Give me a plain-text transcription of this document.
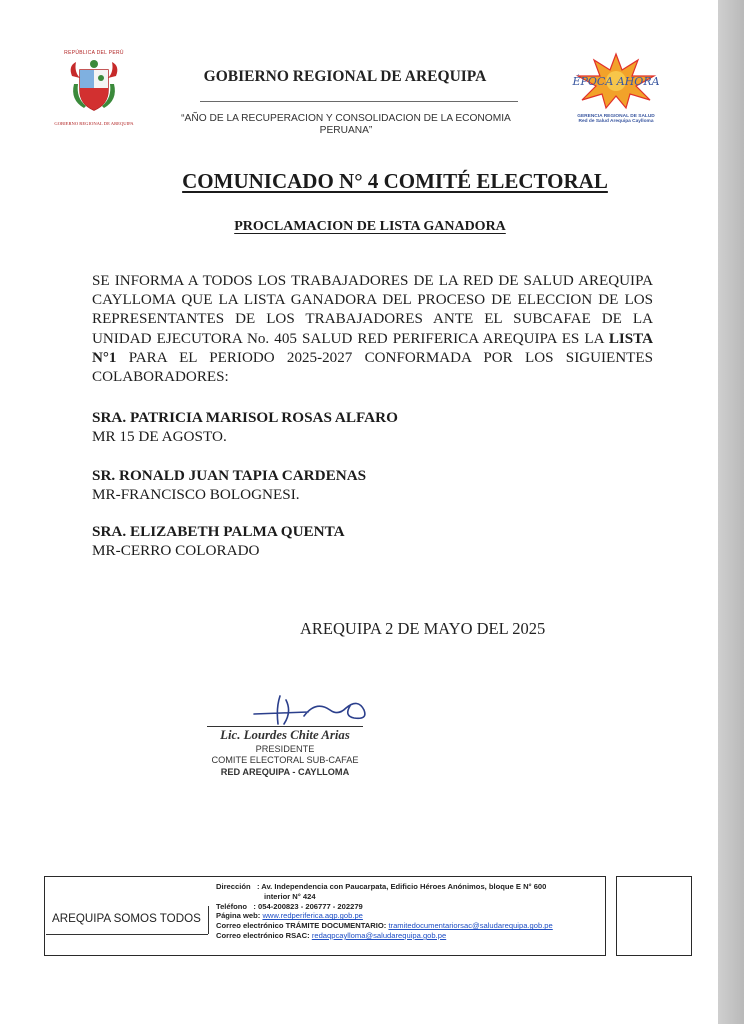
REPÚBLICA DEL PERÚ
GOBIERNO REGIONAL DE AREQUIPA
GOBIERNO REGIONAL DE AREQUIPA
“AÑO DE LA RECUPERACION Y CONSOLIDACION DE LA ECONOMIA PERUANA”
ÉPOCA AHORA
GERENCIA REGIONAL DE SALUD
Red de Salud Arequipa Caylloma
COMUNICADO N° 4 COMITÉ ELECTORAL
PROCLAMACION DE LISTA GANADORA
SE INFORMA A TODOS LOS TRABAJADORES DE LA RED DE SALUD AREQUIPA CAYLLOMA QUE LA LISTA GANADORA DEL PROCESO DE ELECCION DE LOS REPRESENTANTES DE LOS TRABAJADORES ANTE EL SUBCAFAE DE LA UNIDAD EJECUTORA No. 405 SALUD RED PERIFERICA AREQUIPA ES LA LISTA N°1 PARA EL PERIODO 2025-2027 CONFORMADA POR LOS SIGUIENTES COLABORADORES:
SRA. PATRICIA MARISOL ROSAS ALFARO
MR 15 DE AGOSTO.
SR. RONALD JUAN TAPIA CARDENAS
MR-FRANCISCO BOLOGNESI.
SRA. ELIZABETH PALMA QUENTA
MR-CERRO COLORADO
AREQUIPA 2 DE MAYO DEL 2025
Lic. Lourdes Chite Arias
PRESIDENTE
COMITE ELECTORAL SUB-CAFAE
RED AREQUIPA - CAYLLOMA
AREQUIPA SOMOS TODOS
Dirección : Av. Independencia con Paucarpata, Edificio Héroes Anónimos, bloque E N° 600
interior N° 424
Teléfono : 054-200823 - 206777 - 202279
Página web: www.redperiferica.aqp.gob.pe
Correo electrónico TRÁMITE DOCUMENTARIO: tramitedocumentariorsac@saludarequipa.gob.pe
Correo electrónico RSAC: redaqpcaylloma@saludarequipa.gob.pe
